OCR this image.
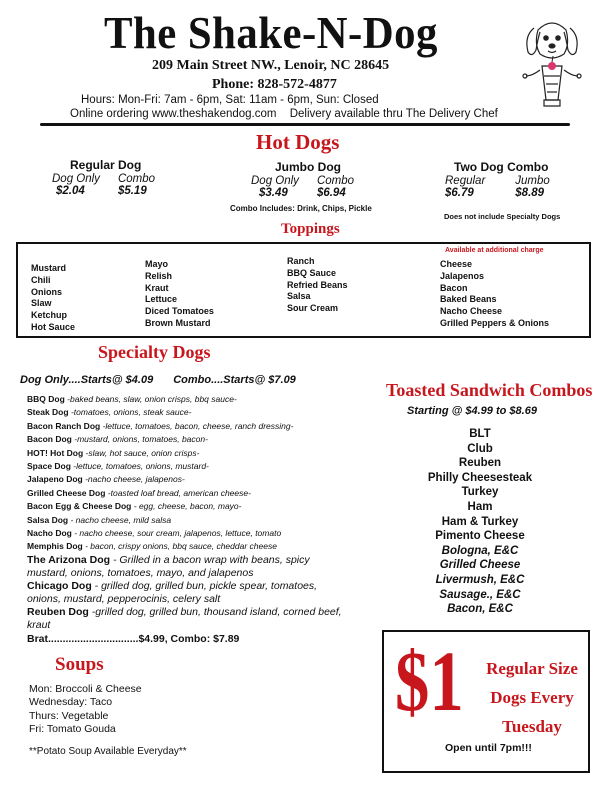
The Shake-N-Dog
209 Main Street NW., Lenoir, NC 28645
Phone: 828-572-4877
Hours: Mon-Fri: 7am - 6pm, Sat: 11am - 6pm, Sun: Closed
Online ordering www.theshakendog.com Delivery available thru The Delivery Chef
Hot Dogs
Regular Dog
Dog Only
$2.04
Combo
$5.19
Jumbo Dog
Dog Only
$3.49
Combo
$6.94
Two Dog Combo
Regular
$6.79
Jumbo
$8.89
Combo Includes: Drink, Chips, Pickle
Does not include Specialty Dogs
Toppings
Available at additional charge
Mustard
Chili
Onions
Slaw
Ketchup
Hot Sauce
Mayo
Relish
Kraut
Lettuce
Diced Tomatoes
Brown Mustard
Ranch
BBQ Sauce
Refried Beans
Salsa
Sour Cream
Cheese
Jalapenos
Bacon
Baked Beans
Nacho Cheese
Grilled Peppers & Onions
Specialty Dogs
Dog Only....Starts@ $4.09 Combo....Starts@ $7.09
BBQ Dog -baked beans, slaw, onion crisps, bbq sauce-
Steak Dog -tomatoes, onions, steak sauce-
Bacon Ranch Dog -lettuce, tomatoes, bacon, cheese, ranch dressing-
Bacon Dog -mustard, onions, tomatoes, bacon-
HOT! Hot Dog -slaw, hot sauce, onion crisps-
Space Dog -lettuce, tomatoes, onions, mustard-
Jalapeno Dog -nacho cheese, jalapenos-
Grilled Cheese Dog -toasted loaf bread, american cheese-
Bacon Egg & Cheese Dog - egg, cheese, bacon, mayo-
Salsa Dog - nacho cheese, mild salsa
Nacho Dog - nacho cheese, sour cream, jalapenos, lettuce, tomato
Memphis Dog - bacon, crispy onions, bbq sauce, cheddar cheese
The Arizona Dog - Grilled in a bacon wrap with beans, spicy mustard, onions, tomatoes, mayo, and jalapenos
Chicago Dog - grilled dog, grilled bun, pickle spear, tomatoes, onions, mustard, pepperocinis, celery salt
Reuben Dog -grilled dog, grilled bun, thousand island, corned beef, kraut
Brat...............................$4.99, Combo: $7.89
Soups
Mon: Broccoli & Cheese
Wednesday: Taco
Thurs: Vegetable
Fri: Tomato Gouda
**Potato Soup Available Everyday**
Toasted Sandwich Combos
Starting @ $4.99 to $8.69
BLT
Club
Reuben
Philly Cheesesteak
Turkey
Ham
Ham & Turkey
Pimento Cheese
Bologna, E&C
Grilled Cheese
Livermush, E&C
Sausage., E&C
Bacon, E&C
$1 Regular Size
Dogs Every
Tuesday
Open until 7pm!!!
